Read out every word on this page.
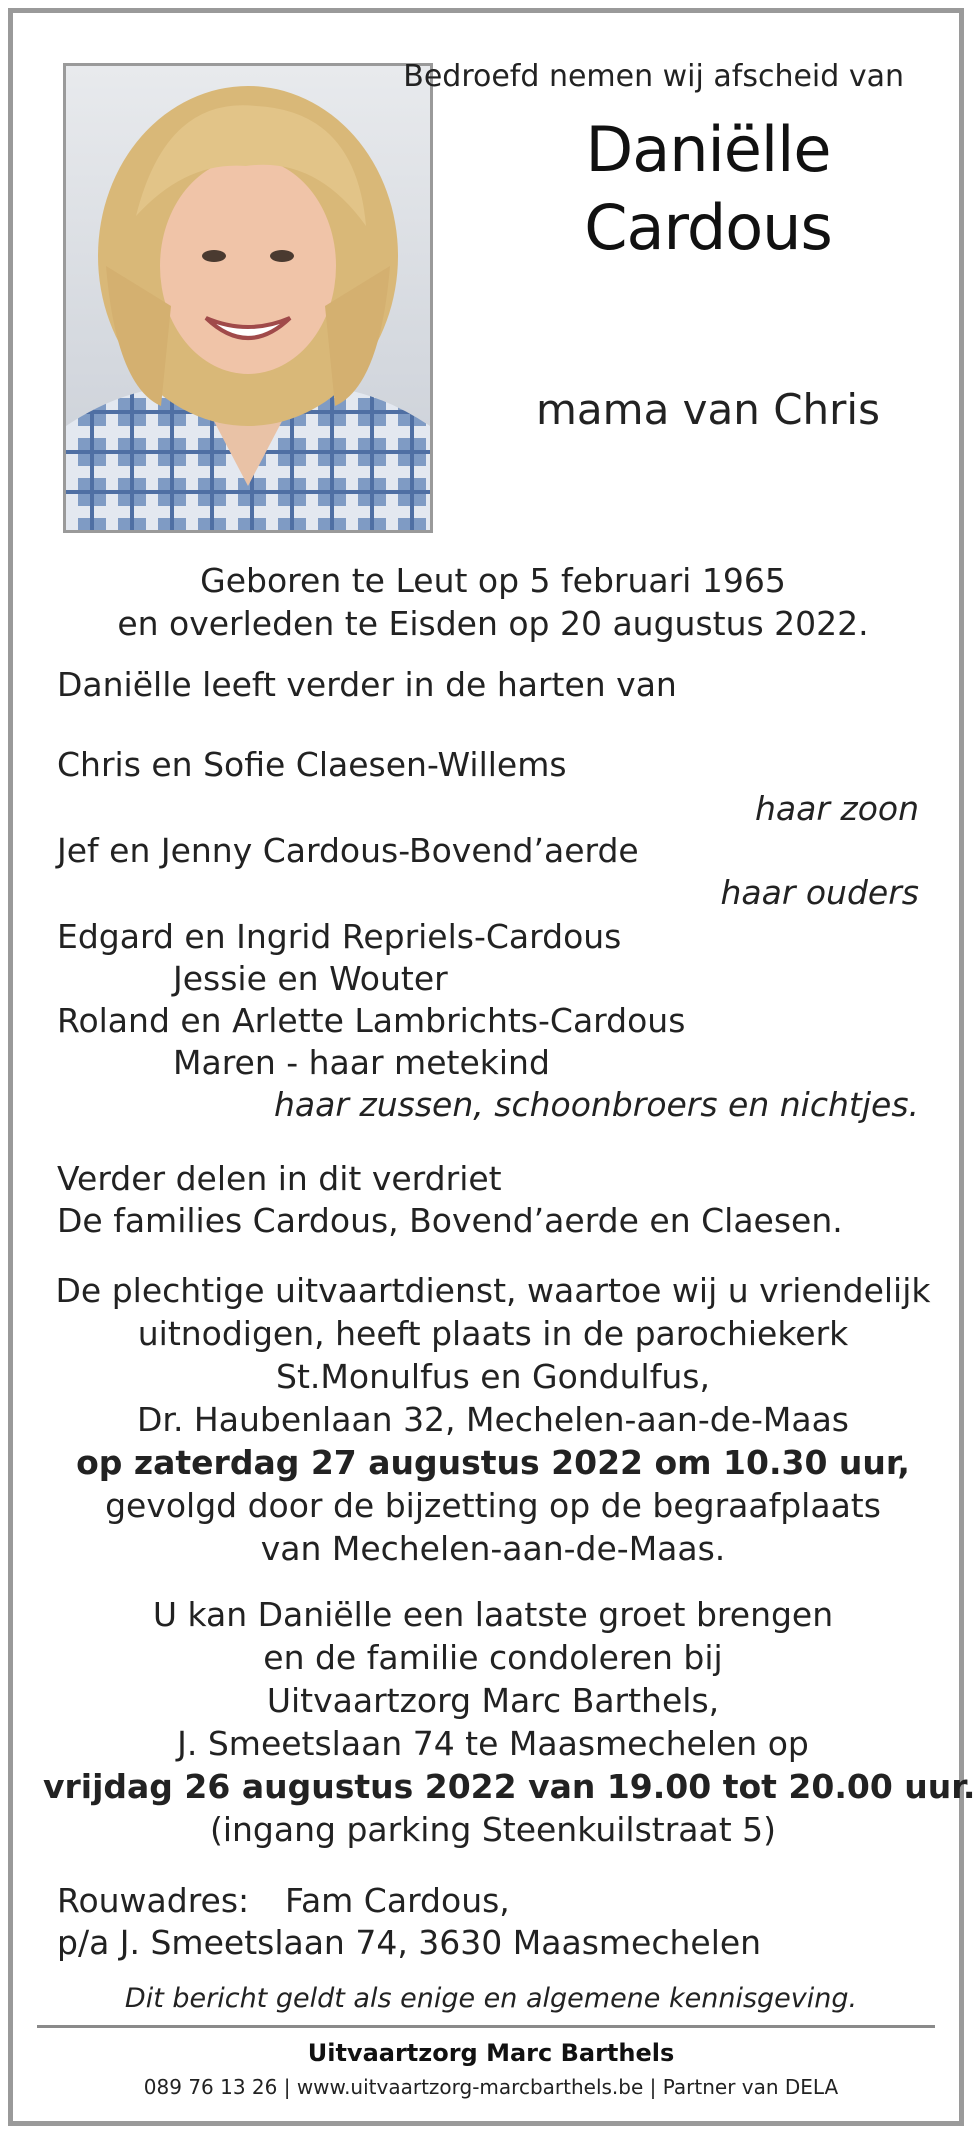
Bedroefd nemen wij afscheid van
Daniëlle
Cardous
mama van Chris

Geboren te Leut op 5 februari 1965

en overleden te Eisden op 20 augustus 2022.

Daniëlle leeft verder in de harten van

Chris en Sofie Claesen-Willems

haar zoon

Jef en Jenny Cardous-Bovend’aerde

haar ouders

Edgard en Ingrid Repriels-Cardous

Jessie en Wouter

Roland en Arlette Lambrichts-Cardous

Maren - haar metekind

haar zussen, schoonbroers en nichtjes.

Verder delen in dit verdriet

De families Cardous, Bovend’aerde en Claesen.

De plechtige uitvaartdienst, waartoe wij u vriendelijk

uitnodigen, heeft plaats in de parochiekerk

St.Monulfus en Gondulfus,

Dr. Haubenlaan 32, Mechelen-aan-de-Maas

op zaterdag 27 augustus 2022 om 10.30 uur,

gevolgd door de bijzetting op de begraafplaats

van Mechelen-aan-de-Maas.

U kan Daniëlle een laatste groet brengen

en de familie condoleren bij

Uitvaartzorg Marc Barthels,

J. Smeetslaan 74 te Maasmechelen op

vrijdag 26 augustus 2022 van 19.00 tot 20.00 uur.

(ingang parking Steenkuilstraat 5)

Rouwadres: Fam Cardous,

p/a J. Smeetslaan 74, 3630 Maasmechelen

Dit bericht geldt als enige en algemene kennisgeving.
Uitvaartzorg Marc Barthels
089 76 13 26 | www.uitvaartzorg-marcbarthels.be | Partner van DELA
